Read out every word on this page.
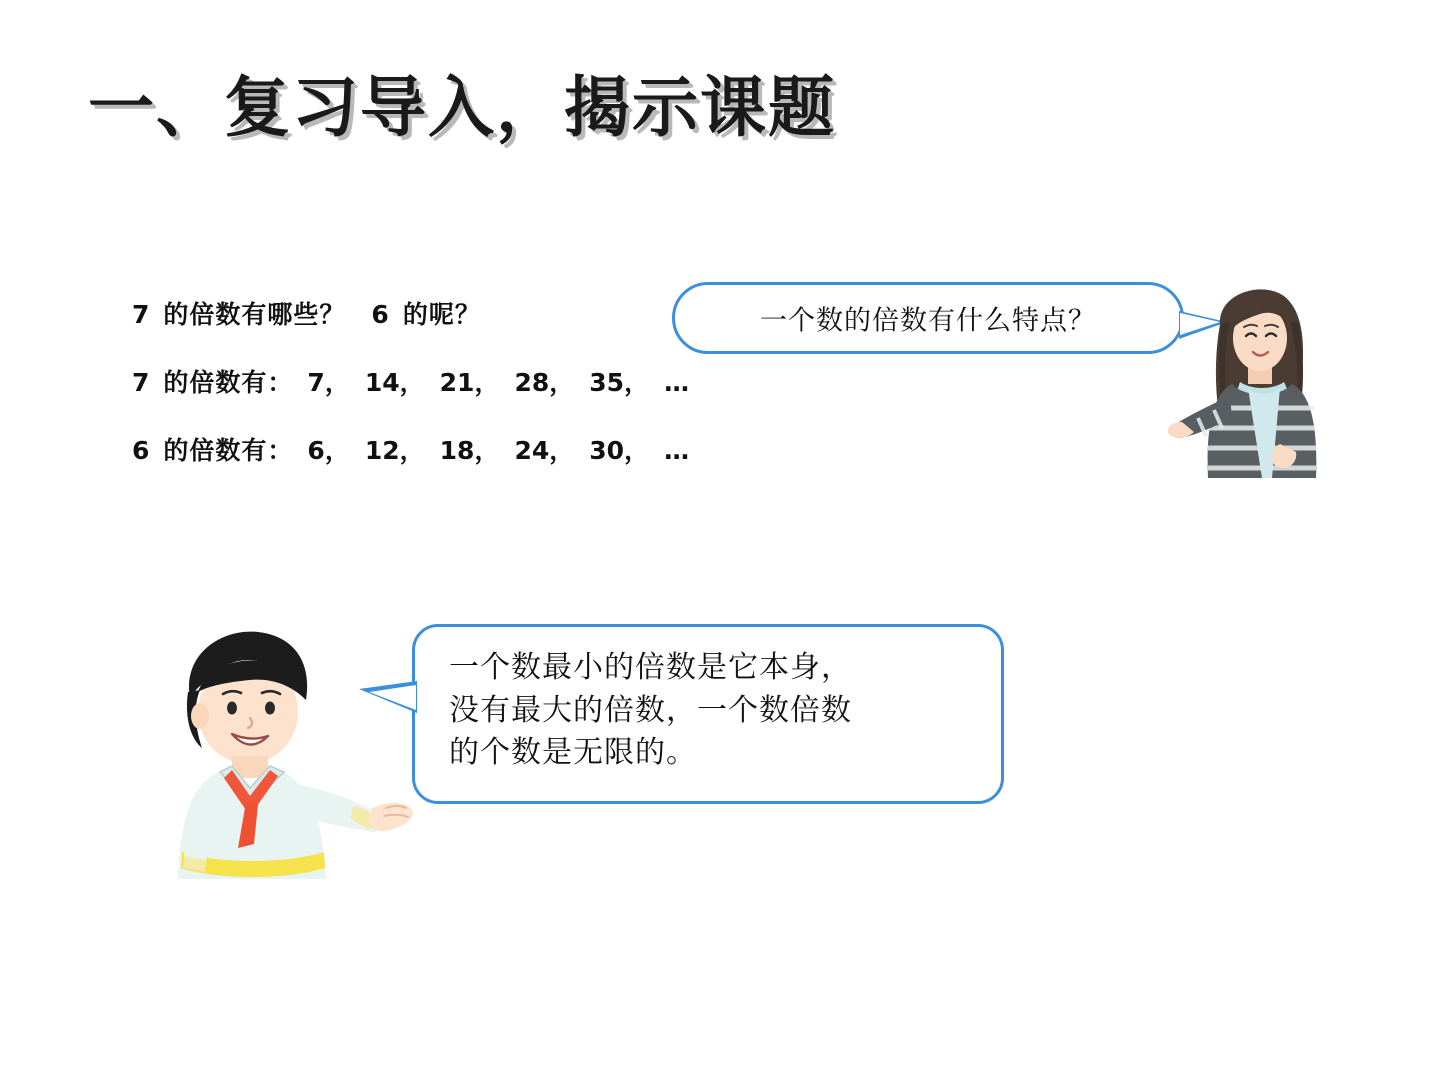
一、复习导入，揭示课题
7 的倍数有哪些？ 6 的呢？
7 的倍数有： 7， 14， 21， 28， 35， …
6 的倍数有： 6， 12， 18， 24， 30， …
一个数的倍数有什么特点？
一个数最小的倍数是它本身，
没有最大的倍数，一个数倍数
的个数是无限的。
